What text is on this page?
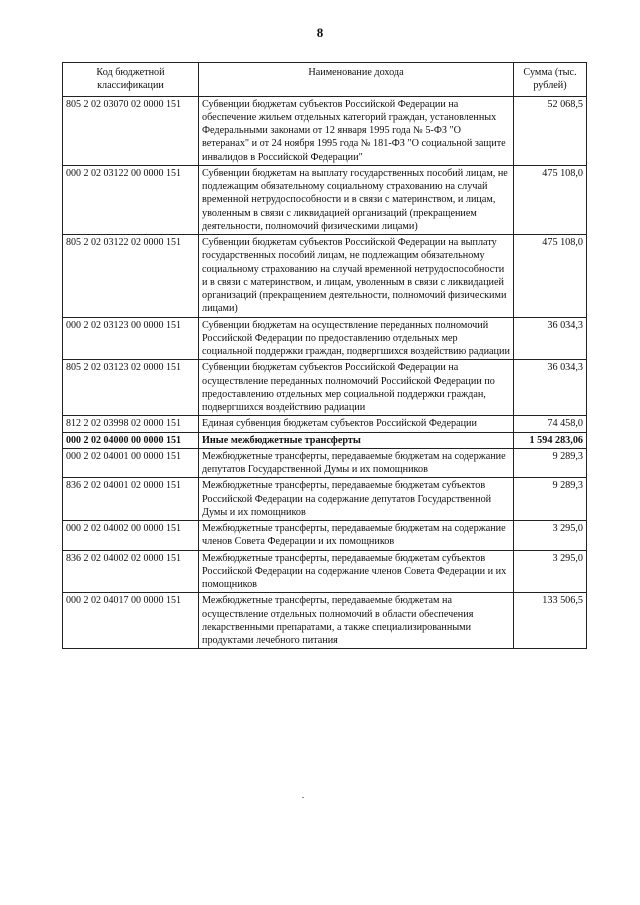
8
Код бюджетной классификации	Наименование дохода	Сумма (тыс. рублей)
805 2 02 03070 02 0000 151	Субвенции бюджетам субъектов Российской Федерации на обеспечение жильем отдельных категорий граждан, установленных Федеральными законами от 12 января 1995 года № 5-ФЗ "О ветеранах" и от 24 ноября 1995 года № 181-ФЗ "О социальной защите инвалидов в Российской Федерации"	52 068,5
000 2 02 03122 00 0000 151	Субвенции бюджетам на выплату государственных пособий лицам, не подлежащим обязательному социальному страхованию на случай временной нетрудоспособности и в связи с материнством, и лицам, уволенным в связи с ликвидацией организаций (прекращением деятельности, полномочий физическими лицами)	475 108,0
805 2 02 03122 02 0000 151	Субвенции бюджетам субъектов Российской Федерации на выплату государственных пособий лицам, не подлежащим обязательному социальному страхованию на случай временной нетрудоспособности и в связи с материнством, и лицам, уволенным в связи с ликвидацией организаций (прекращением деятельности, полномочий физическими лицами)	475 108,0
000 2 02 03123 00 0000 151	Субвенции бюджетам на осуществление переданных полномочий Российской Федерации по предоставлению отдельных мер социальной поддержки граждан, подвергшихся воздействию радиации	36 034,3
805 2 02 03123 02 0000 151	Субвенции бюджетам субъектов Российской Федерации на осуществление переданных полномочий Российской Федерации по предоставлению отдельных мер социальной поддержки граждан, подвергшихся воздействию радиации	36 034,3
812 2 02 03998 02 0000 151	Единая субвенция бюджетам субъектов Российской Федерации	74 458,0
000 2 02 04000 00 0000 151	Иные межбюджетные трансферты	1 594 283,06
000 2 02 04001 00 0000 151	Межбюджетные трансферты, передаваемые бюджетам на содержание депутатов Государственной Думы и их помощников	9 289,3
836 2 02 04001 02 0000 151	Межбюджетные трансферты, передаваемые бюджетам субъектов Российской Федерации на содержание депутатов Государственной Думы и их помощников	9 289,3
000 2 02 04002 00 0000 151	Межбюджетные трансферты, передаваемые бюджетам на содержание членов Совета Федерации и их помощников	3 295,0
836 2 02 04002 02 0000 151	Межбюджетные трансферты, передаваемые бюджетам субъектов Российской Федерации на содержание членов Совета Федерации и их помощников	3 295,0
000 2 02 04017 00 0000 151	Межбюджетные трансферты, передаваемые бюджетам на осуществление отдельных полномочий в области обеспечения лекарственными препаратами, а также специализированными продуктами лечебного питания	133 506,5
